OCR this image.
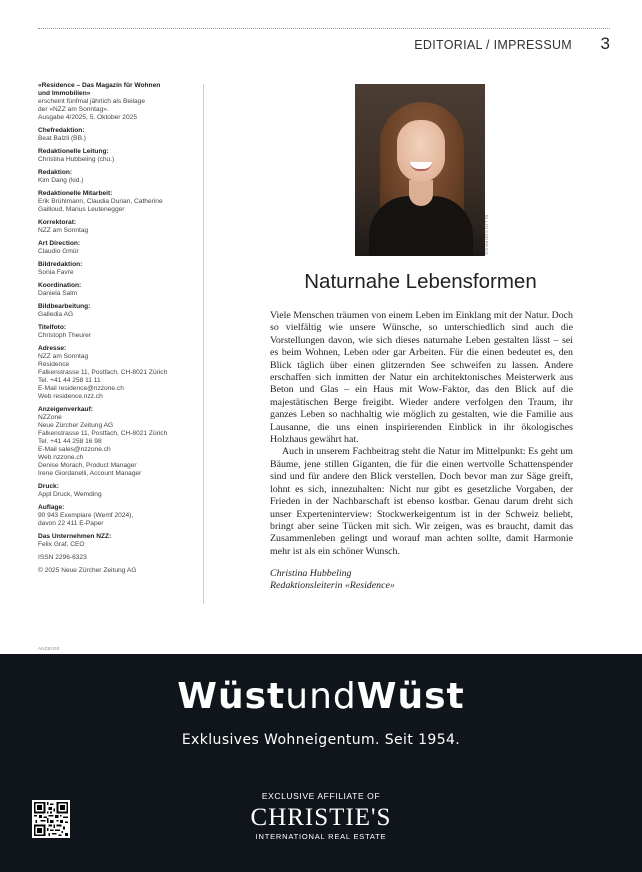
EDITORIAL / IMPRESSUM 3
«Residence – Das Magazin für Wohnen
und Immobilien»
erscheint fünfmal jährlich als Beilage
der «NZZ am Sonntag».
Ausgabe 4/2025, 5. Oktober 2025
Chefredaktion:
Beat Balzli (BB.)
Redaktionelle Leitung:
Christina Hubbeling (chu.)
Redaktion:
Kim Dang (kid.)
Redaktionelle Mitarbeit:
Erik Brühlmann, Claudia Durian, Catherine
Gailloud, Marius Leutenegger
Korrektorat:
NZZ am Sonntag
Art Direction:
Claudio Gmür
Bildredaktion:
Sonia Favre
Koordination:
Daniela Salm
Bildbearbeitung:
Galledia AG
Titelfoto:
Christoph Theurer
Adresse:
NZZ am Sonntag
Residence
Falkenstrasse 11, Postfach, CH-8021 Zürich
Tel. +41 44 258 11 11
E-Mail residence@nzzone.ch
Web residence.nzz.ch
Anzeigenverkauf:
NZZone
Neue Zürcher Zeitung AG
Falkenstrasse 11, Postfach, CH-8021 Zürich
Tel. +41 44 258 16 98
E-Mail sales@nzzone.ch
Web nzzone.ch
Denise Morach, Product Manager
Irene Giordanelli, Account Manager
Druck:
Appl Druck, Wemding
Auflage:
90 943 Exemplare (Wemf 2024),
davon 22 411 E-Paper
Das Unternehmen NZZ:
Felix Graf, CEO
ISSN 2296-6323
© 2025 Neue Zürcher Zeitung AG
ELLIN ANDREGG
Naturnahe Lebensformen

Viele Menschen träumen von einem Leben im Einklang mit der Natur. Doch so vielfältig wie unsere Wünsche, so unterschiedlich sind auch die Vorstellungen davon, wie sich dieses naturnahe Leben gestalten lässt – sei es beim Wohnen, Leben oder gar Arbeiten. Für die einen bedeutet es, den Blick täglich über einen glitzernden See schweifen zu lassen. Andere erschaffen sich inmitten der Natur ein architektonisches Meisterwerk aus Beton und Glas – ein Haus mit Wow-Faktor, das den Blick auf die majestätischen Berge freigibt. Wieder andere verfolgen den Traum, ihr ganzes Leben so nachhaltig wie möglich zu gestalten, wie die Familie aus Lausanne, die uns einen inspirierenden Einblick in ihr ökologisches Holzhaus gewährt hat.

Auch in unserem Fachbeitrag steht die Natur im Mittelpunkt: Es geht um Bäume, jene stillen Giganten, die für die einen wertvolle Schattenspender sind und für andere den Blick verstellen. Doch bevor man zur Säge greift, lohnt es sich, innezuhalten: Nicht nur gibt es gesetzliche Vorgaben, der Frieden in der Nachbarschaft ist ebenso kostbar. Genau darum dreht sich unser Experteninterview: Stockwerkeigentum ist in der Schweiz beliebt, bringt aber seine Tücken mit sich. Wir zeigen, was es braucht, damit das Zusammenleben gelingt und worauf man achten sollte, damit Harmonie mehr ist als ein schöner Wunsch.

Christina Hubbeling
Redaktionsleiterin «Residence»
ANZEIGE
WüstundWüst
Exklusives Wohneigentum. Seit 1954.
EXCLUSIVE AFFILIATE OF
CHRISTIE'S
INTERNATIONAL REAL ESTATE
